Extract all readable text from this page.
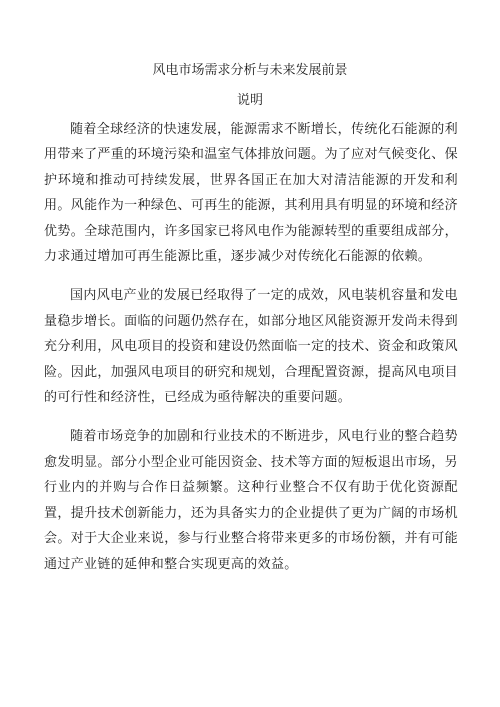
风电市场需求分析与未来发展前景
说明

随着全球经济的快速发展，能源需求不断增长，传统化石能源的利用带来了严重的环境污染和温室气体排放问题。为了应对气候变化、保护环境和推动可持续发展，世界各国正在加大对清洁能源的开发和利用。风能作为一种绿色、可再生的能源，其利用具有明显的环境和经济优势。全球范围内，许多国家已将风电作为能源转型的重要组成部分，力求通过增加可再生能源比重，逐步减少对传统化石能源的依赖。

国内风电产业的发展已经取得了一定的成效，风电装机容量和发电量稳步增长。面临的问题仍然存在，如部分地区风能资源开发尚未得到充分利用，风电项目的投资和建设仍然面临一定的技术、资金和政策风险。因此，加强风电项目的研究和规划，合理配置资源，提高风电项目的可行性和经济性，已经成为亟待解决的重要问题。

随着市场竞争的加剧和行业技术的不断进步，风电行业的整合趋势愈发明显。部分小型企业可能因资金、技术等方面的短板退出市场，另行业内的并购与合作日益频繁。这种行业整合不仅有助于优化资源配置，提升技术创新能力，还为具备实力的企业提供了更为广阔的市场机会。对于大企业来说，参与行业整合将带来更多的市场份额，并有可能通过产业链的延伸和整合实现更高的效益。
